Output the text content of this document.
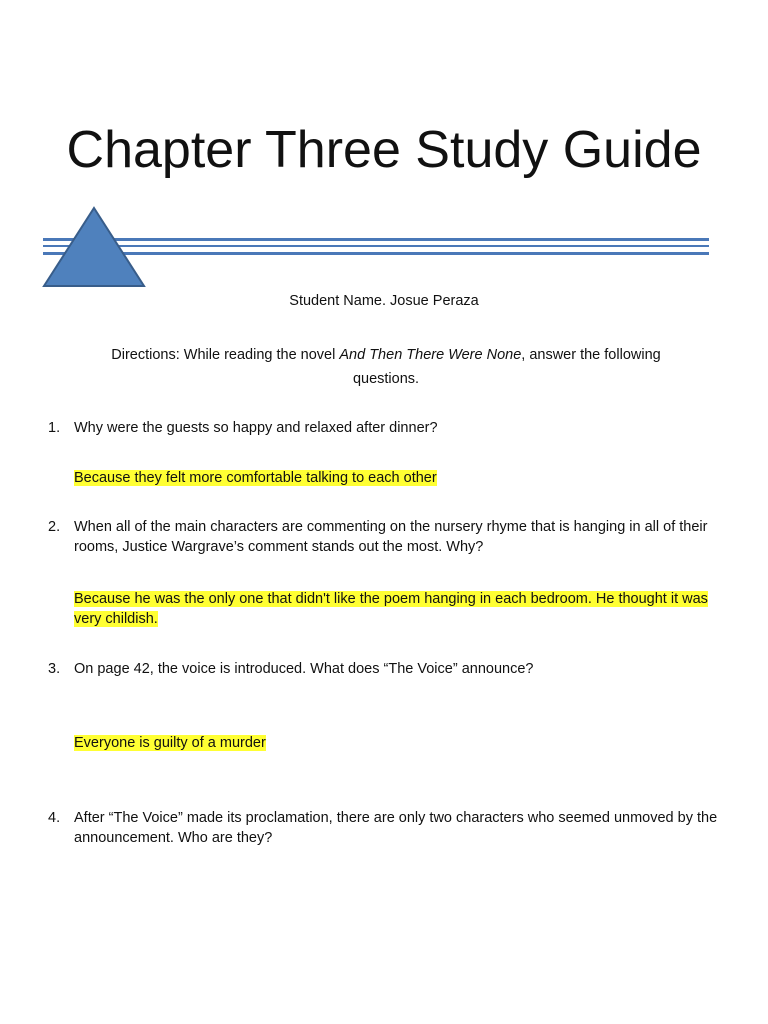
Chapter Three Study Guide
Student Name. Josue Peraza
Directions: While reading the novel And Then There Were None, answer the following questions.
1. Why were the guests so happy and relaxed after dinner?
Because they felt more comfortable talking to each other
2. When all of the main characters are commenting on the nursery rhyme that is hanging in all of their rooms, Justice Wargrave’s comment stands out the most. Why?
Because he was the only one that didn't like the poem hanging in each bedroom. He thought it was very childish.
3. On page 42, the voice is introduced. What does “The Voice” announce?
Everyone is guilty of a murder
4. After “The Voice” made its proclamation, there are only two characters who seemed unmoved by the announcement. Who are they?
